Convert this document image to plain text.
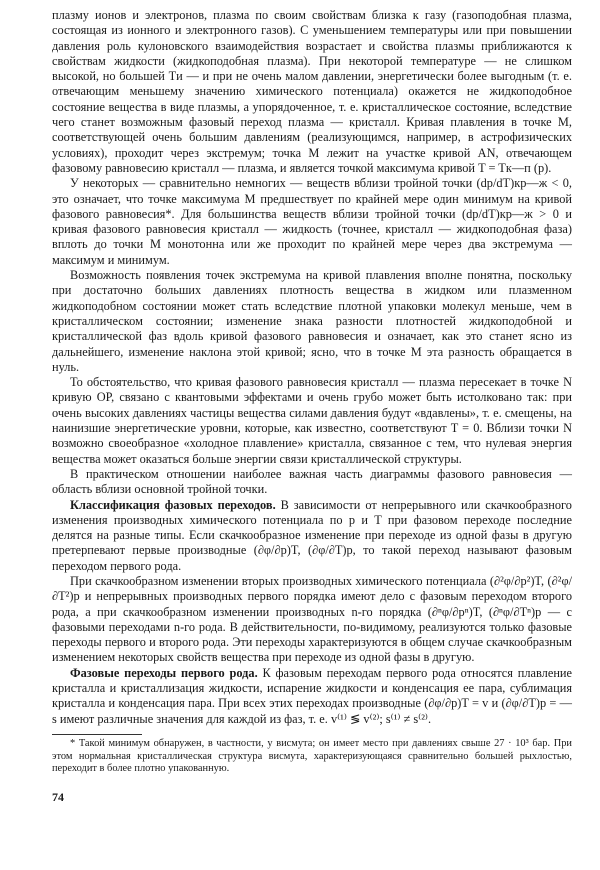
плазму ионов и электронов, плазма по своим свойствам близка к газу (газоподобная плазма, состоящая из ионного и электронного газов). С уменьшением температуры или при повышении давления роль кулоновского взаимодействия возрастает и свойства плазмы приближаются к свойствам жидкости (жидкоподобная плазма). При некоторой температуре — не слишком высокой, но большей Tи — и при не очень малом давлении, энергетически более выгодным (т. е. отвечающим меньшему значению химического потенциала) окажется не жидкоподобное состояние вещества в виде плазмы, а упорядоченное, т. е. кристаллическое состояние, вследствие чего станет возможным фазовый переход плазма — кристалл. Кривая плавления в точке M, соответствующей очень большим давлениям (реализующимся, например, в астрофизических условиях), проходит через экстремум; точка M лежит на участке кривой AN, отвечающем фазовому равновесию кристалл — плазма, и является точкой максимума кривой T = Tк—п (p).

У некоторых — сравнительно немногих — веществ вблизи тройной точки (dp/dT)кр—ж < 0, это означает, что точке максимума M предшествует по крайней мере один минимум на кривой фазового равновесия*. Для большинства веществ вблизи тройной точки (dp/dT)кр—ж > 0 и кривая фазового равновесия кристалл — жидкость (точнее, кристалл — жидкоподобная фаза) вплоть до точки M монотонна или же проходит по крайней мере через два экстремума — максимум и минимум.

Возможность появления точек экстремума на кривой плавления вполне понятна, поскольку при достаточно больших давлениях плотность вещества в жидком или плазменном жидкоподобном состоянии может стать вследствие плотной упаковки молекул меньше, чем в кристаллическом состоянии; изменение знака разности плотностей жидкоподобной и кристаллической фаз вдоль кривой фазового равновесия и означает, как это станет ясно из дальнейшего, изменение наклона этой кривой; ясно, что в точке M эта разность обращается в нуль.

То обстоятельство, что кривая фазового равновесия кристалл — плазма пересекает в точке N кривую OP, связано с квантовыми эффектами и очень грубо может быть истолковано так: при очень высоких давлениях частицы вещества силами давления будут «вдавлены», т. е. смещены, на наинизшие энергетические уровни, которые, как известно, соответствуют T = 0. Вблизи точки N возможно своеобразное «холодное плавление» кристалла, связанное с тем, что нулевая энергия вещества может оказаться больше энергии связи кристаллической структуры.

В практическом отношении наиболее важная часть диаграммы фазового равновесия — область вблизи основной тройной точки.

Классификация фазовых переходов. В зависимости от непрерывного или скачкообразного изменения производных химического потенциала по p и T при фазовом переходе последние делятся на разные типы. Если скачкообразное изменение при переходе из одной фазы в другую претерпевают первые производные (∂φ/∂p)T, (∂φ/∂T)p, то такой переход называют фазовым переходом первого рода.

При скачкообразном изменении вторых производных химического потенциала (∂²φ/∂p²)T, (∂²φ/∂T²)p и непрерывных производных первого порядка имеют дело с фазовым переходом второго рода, а при скачкообразном изменении производных n-го порядка (∂ⁿφ/∂pⁿ)T, (∂ⁿφ/∂Tⁿ)p — с фазовыми переходами n-го рода. В действительности, по-видимому, реализуются только фазовые переходы первого и второго рода. Эти переходы характеризуются в общем случае скачкообразным изменением некоторых свойств вещества при переходе из одной фазы в другую.

Фазовые переходы первого рода. К фазовым переходам первого рода относятся плавление кристалла и кристаллизация жидкости, испарение жидкости и конденсация ее пара, сублимация кристалла и конденсация пара. При всех этих переходах производные (∂φ/∂p)T = v и (∂φ/∂T)p = —s имеют различные значения для каждой из фаз, т. е. v⁽¹⁾ ≶ v⁽²⁾; s⁽¹⁾ ≠ s⁽²⁾.

* Такой минимум обнаружен, в частности, у висмута; он имеет место при давлениях свыше 27 · 10³ бар. При этом нормальная кристаллическая структура висмута, характеризующаяся сравнительно большей рыхлостью, переходит в более плотно упакованную.

74
